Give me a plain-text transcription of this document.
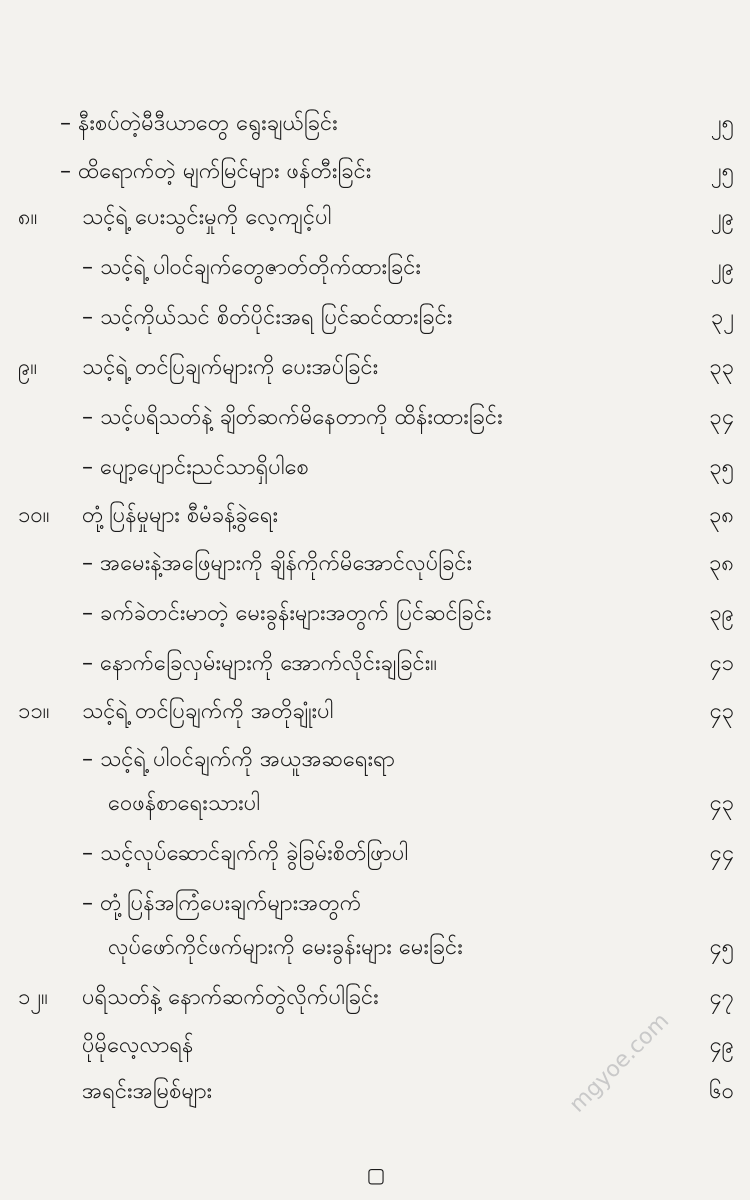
– နီးစပ်တဲ့မီဒီယာတွေ ရွေးချယ်ခြင်း	၂၅
– ထိရောက်တဲ့ မျက်မြင်များ ဖန်တီးခြင်း	၂၅
၈။	သင့်ရဲ့ ပေးသွင်းမှုကို လေ့ကျင့်ပါ	၂၉
– သင့်ရဲ့ ပါဝင်ချက်တွေဇာတ်တိုက်ထားခြင်း	၂၉
– သင့်ကိုယ်သင် စိတ်ပိုင်းအရ ပြင်ဆင်ထားခြင်း	၃၂
၉။	သင့်ရဲ့ တင်ပြချက်များကို ပေးအပ်ခြင်း	၃၃
– သင့်ပရိသတ်နဲ့ ချိတ်ဆက်မိနေတာကို ထိန်းထားခြင်း	၃၄
– ပျော့ပျောင်းညင်သာရှိပါစေ	၃၅
၁၀။	တုံ့ပြန်မှုများ စီမံခန့်ခွဲရေး	၃၈
– အမေးနဲ့အဖြေများကို ချိန်ကိုက်မိအောင်လုပ်ခြင်း	၃၈
– ခက်ခဲတင်းမာတဲ့ မေးခွန်းများအတွက် ပြင်ဆင်ခြင်း	၃၉
– နောက်ခြေလှမ်းများကို အောက်လိုင်းချခြင်း။	၄၁
၁၁။	သင့်ရဲ့ တင်ပြချက်ကို အတိုချုံးပါ	၄၃
– သင့်ရဲ့ ပါဝင်ချက်ကို အယူအဆရေးရာ
ဝေဖန်စာရေးသားပါ	၄၃
– သင့်လုပ်ဆောင်ချက်ကို ခွဲခြမ်းစိတ်ဖြာပါ	၄၄
– တုံ့ပြန်အကြံပေးချက်များအတွက်
လုပ်ဖော်ကိုင်ဖက်များကို မေးခွန်းများ မေးခြင်း	၄၅
၁၂။	ပရိသတ်နဲ့ နောက်ဆက်တွဲလိုက်ပါခြင်း	၄၇
ပိုမိုလေ့လာရန်	၄၉
အရင်းအမြစ်များ	၆၀
▢
mgyoe.com
